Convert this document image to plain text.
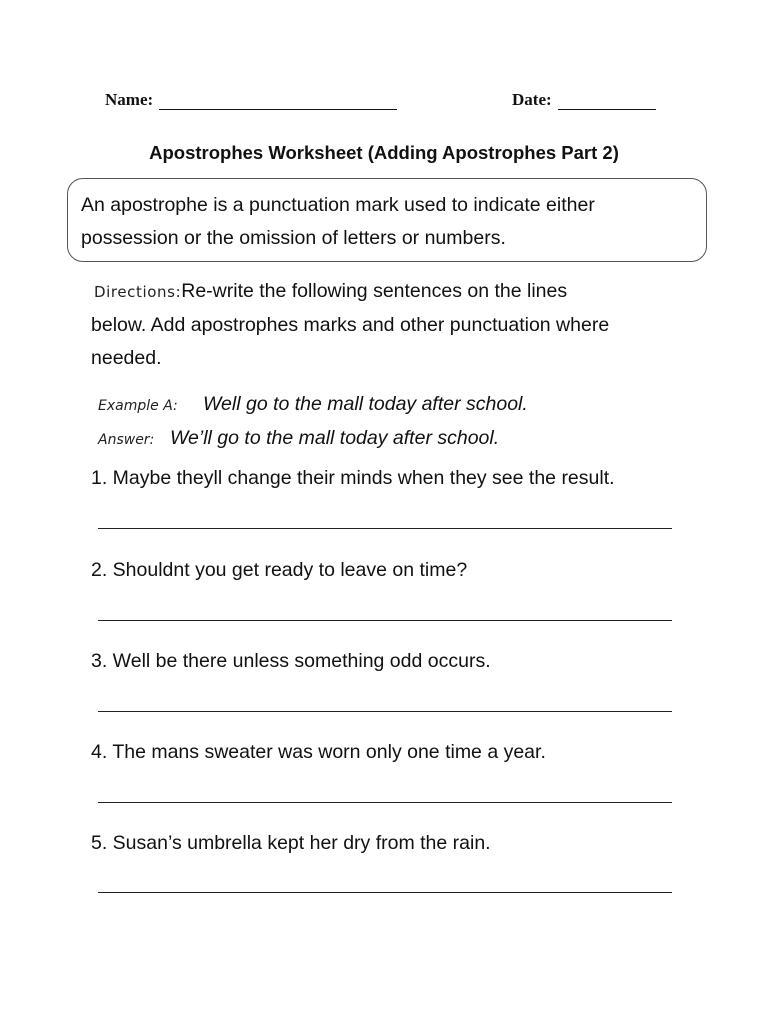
Name:	Date:
Apostrophes Worksheet (Adding Apostrophes Part 2)
An apostrophe is a punctuation mark used to indicate either
possession or the omission of letters or numbers.
Directions:Re-write the following sentences on the lines
below. Add apostrophes marks and other punctuation where
needed.
Example A: Well go to the mall today after school.
Answer: We’ll go to the mall today after school.
1. Maybe theyll change their minds when they see the result.
2. Shouldnt you get ready to leave on time?
3. Well be there unless something odd occurs.
4. The mans sweater was worn only one time a year.
5. Susan’s umbrella kept her dry from the rain.
